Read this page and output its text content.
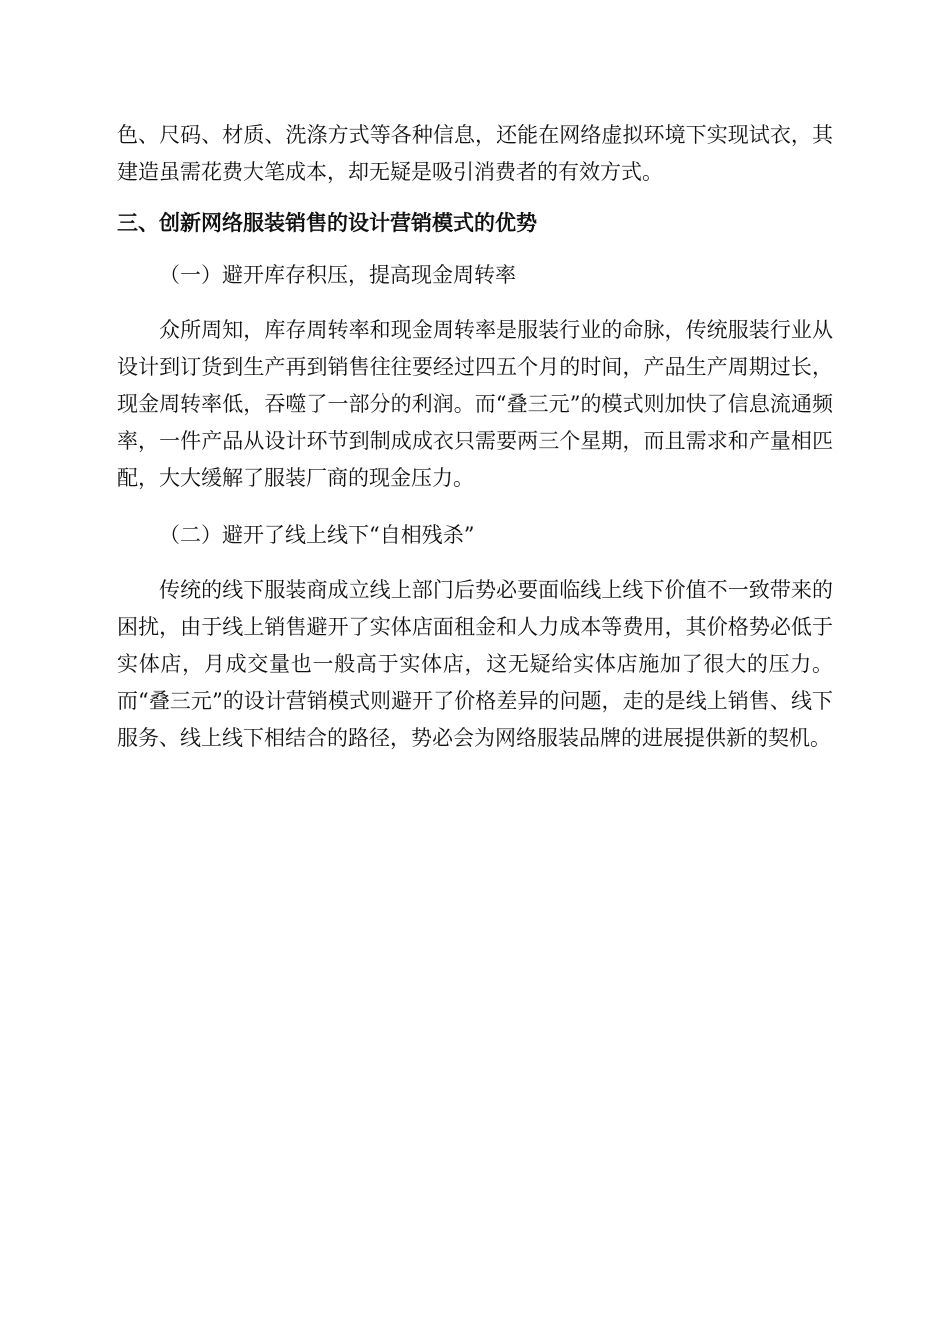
色、尺码、材质、洗涤方式等各种信息，还能在网络虚拟环境下实现试衣，其建造虽需花费大笔成本，却无疑是吸引消费者的有效方式。

三、创新网络服装销售的设计营销模式的优势
（一）避开库存积压，提高现金周转率

众所周知，库存周转率和现金周转率是服装行业的命脉，传统服装行业从设计到订货到生产再到销售往往要经过四五个月的时间，产品生产周期过长，现金周转率低，吞噬了一部分的利润。而“叠三元”的模式则加快了信息流通频率，一件产品从设计环节到制成成衣只需要两三个星期，而且需求和产量相匹配，大大缓解了服装厂商的现金压力。

（二）避开了线上线下“自相残杀”

传统的线下服装商成立线上部门后势必要面临线上线下价值不一致带来的困扰，由于线上销售避开了实体店面租金和人力成本等费用，其价格势必低于实体店，月成交量也一般高于实体店，这无疑给实体店施加了很大的压力。而“叠三元”的设计营销模式则避开了价格差异的问题，走的是线上销售、线下服务、线上线下相结合的路径，势必会为网络服装品牌的进展提供新的契机。
